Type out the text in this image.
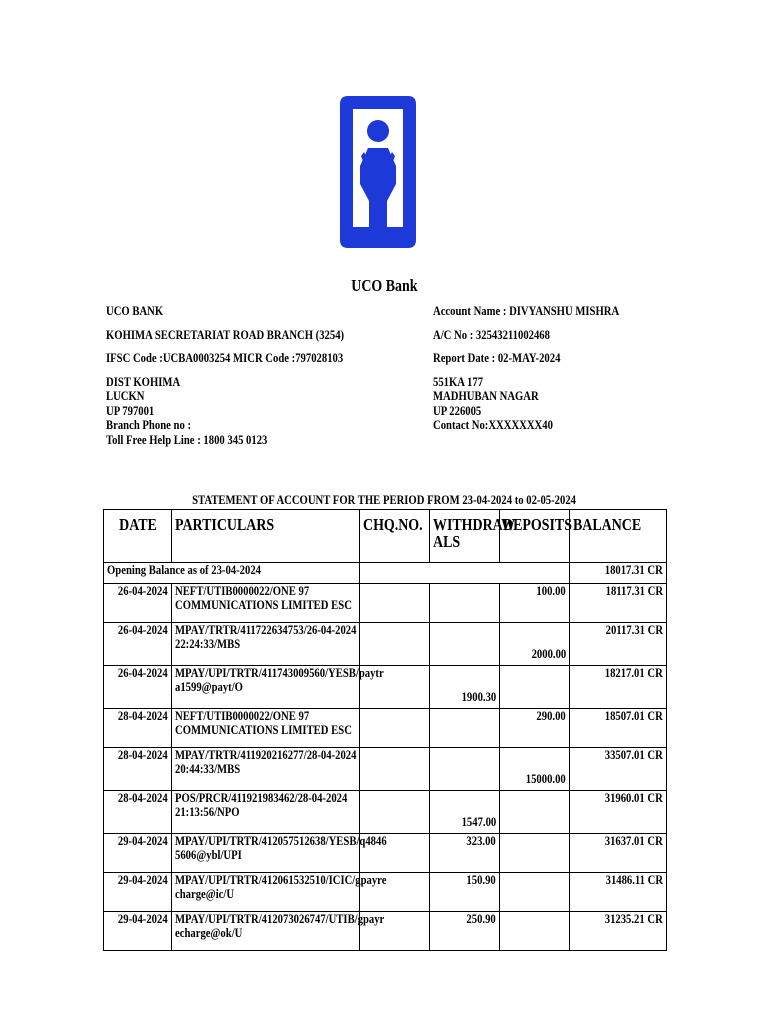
UCO Bank
UCO BANK
KOHIMA SECRETARIAT ROAD BRANCH (3254)
IFSC Code :UCBA0003254 MICR Code :797028103
DIST KOHIMA
LUCKN
UP 797001
Branch Phone no :
Toll Free Help Line : 1800 345 0123
Account Name : DIVYANSHU MISHRA
A/C No : 32543211002468
Report Date : 02-MAY-2024
551KA 177
MADHUBAN NAGAR
UP 226005
Contact No:XXXXXXX40
STATEMENT OF ACCOUNT FOR THE PERIOD FROM 23-04-2024 to 02-05-2024
DATE	PARTICULARS	CHQ.NO.	WITHDRAW
ALS	DEPOSITS	BALANCE
Opening Balance as of 23-04-2024					18017.31 CR
26-04-2024	NEFT/UTIB0000022/ONE 97
COMMUNICATIONS LIMITED ESC			100.00	18117.31 CR
26-04-2024	MPAY/TRTR/411722634753/26-04-2024
22:24:33/MBS			2000.00	20117.31 CR
26-04-2024	MPAY/UPI/TRTR/411743009560/YESB/paytr
a1599@payt/O		1900.30		18217.01 CR
28-04-2024	NEFT/UTIB0000022/ONE 97
COMMUNICATIONS LIMITED ESC			290.00	18507.01 CR
28-04-2024	MPAY/TRTR/411920216277/28-04-2024
20:44:33/MBS			15000.00	33507.01 CR
28-04-2024	POS/PRCR/411921983462/28-04-2024
21:13:56/NPO		1547.00		31960.01 CR
29-04-2024	MPAY/UPI/TRTR/412057512638/YESB/q4846
5606@ybl/UPI		323.00		31637.01 CR
29-04-2024	MPAY/UPI/TRTR/412061532510/ICIC/gpayre
charge@ic/U		150.90		31486.11 CR
29-04-2024	MPAY/UPI/TRTR/412073026747/UTIB/gpayr
echarge@ok/U		250.90		31235.21 CR
